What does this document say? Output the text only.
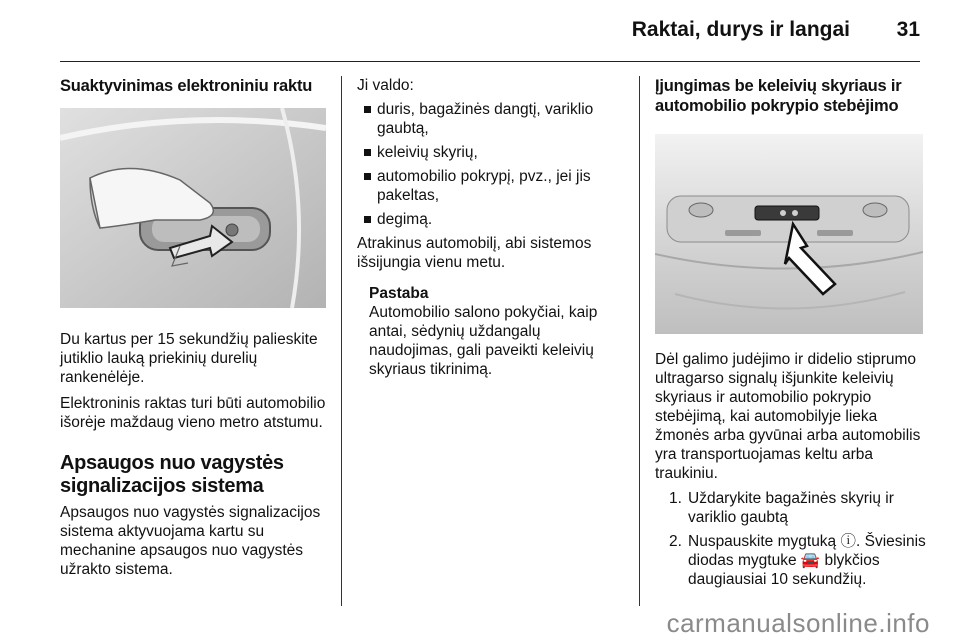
Raktai, durys ir langai	31
Suaktyvinimas elektroniniu raktu

Du kartus per 15 sekundžių palieskite jutiklio lauką priekinių durelių rankenėlėje.

Elektroninis raktas turi būti automobilio išorėje maždaug vieno metro atstumu.

Apsaugos nuo vagystės signalizacijos sistema

Apsaugos nuo vagystės signalizacijos sistema aktyvuojama kartu su mechanine apsaugos nuo vagystės užrakto sistema.

Ji valdo:

duris, bagažinės dangtį, variklio gaubtą,
keleivių skyrių,
automobilio pokrypį, pvz., jei jis pakeltas,
degimą.

Atrakinus automobilį, abi sistemos išsijungia vienu metu.

Pastaba

Automobilio salono pokyčiai, kaip antai, sėdynių uždangalų naudojimas, gali paveikti keleivių skyriaus tikrinimą.

Įjungimas be keleivių skyriaus ir automobilio pokrypio stebėjimo

Dėl galimo judėjimo ir didelio stiprumo ultragarso signalų išjunkite keleivių skyriaus ir automobilio pokrypio stebėjimą, kai automobilyje lieka žmonės arba gyvūnai arba automobilis yra transportuojamas keltu arba traukiniu.

1. Uždarykite bagažinės skyrių ir variklio gaubtą
2. Nuspauskite mygtuką ⓘ. Šviesinis diodas mygtuke 🚘 blykčios daugiausiai 10 sekundžių.
carmanualsonline.info
